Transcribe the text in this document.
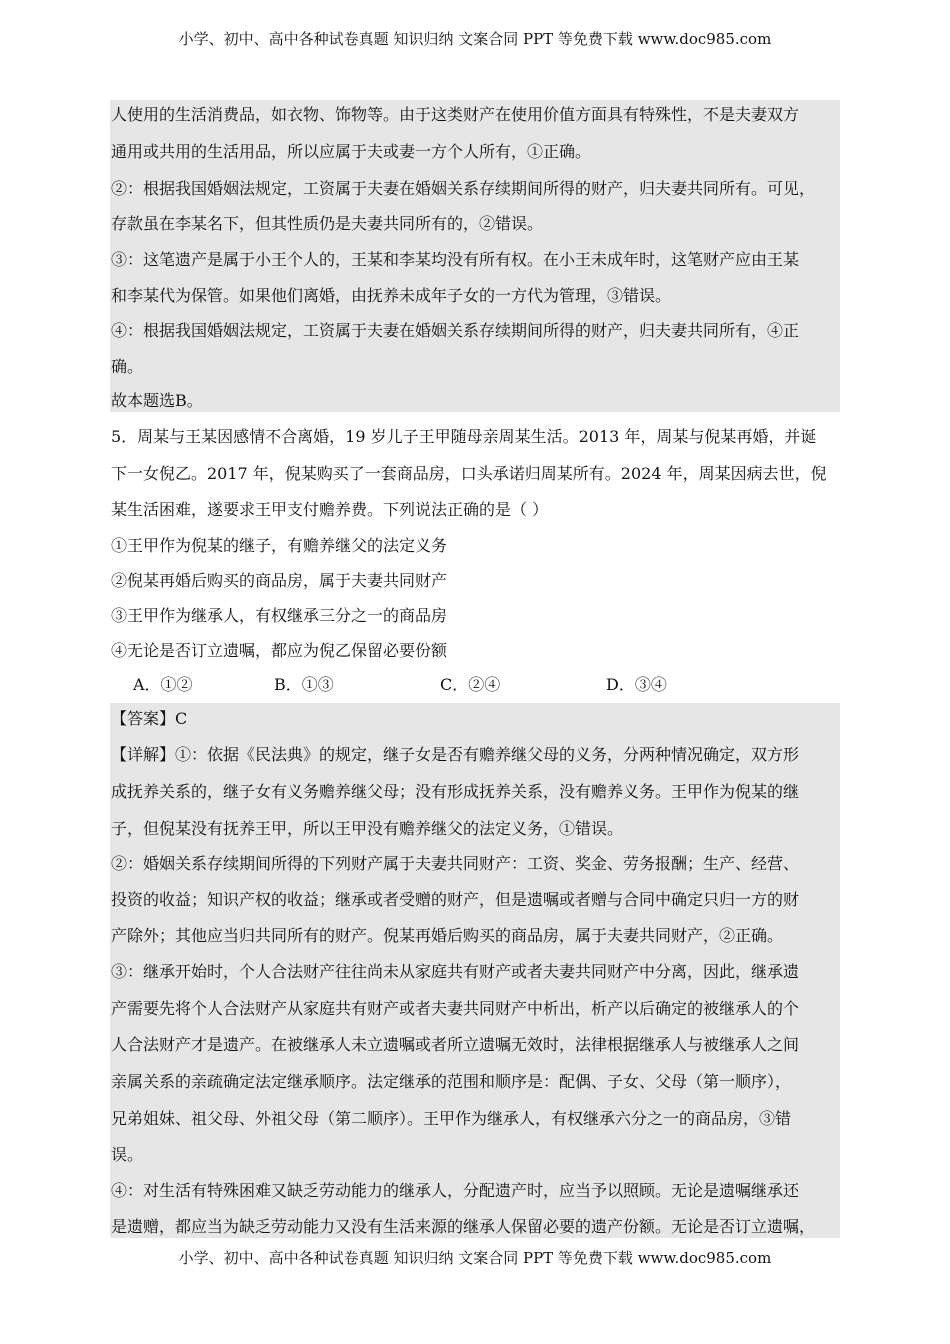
小学、初中、高中各种试卷真题 知识归纳 文案合同 PPT 等免费下载 www.doc985.com
人使用的生活消费品，如衣物、饰物等。由于这类财产在使用价值方面具有特殊性，不是夫妻双方
通用或共用的生活用品，所以应属于夫或妻一方个人所有，①正确。
②：根据我国婚姻法规定，工资属于夫妻在婚姻关系存续期间所得的财产，归夫妻共同所有。可见，
存款虽在李某名下，但其性质仍是夫妻共同所有的，②错误。
③：这笔遗产是属于小王个人的，王某和李某均没有所有权。在小王未成年时，这笔财产应由王某
和李某代为保管。如果他们离婚，由抚养未成年子女的一方代为管理，③错误。
④：根据我国婚姻法规定，工资属于夫妻在婚姻关系存续期间所得的财产，归夫妻共同所有，④正
确。
故本题选B。
5．周某与王某因感情不合离婚，19 岁儿子王甲随母亲周某生活。2013 年，周某与倪某再婚，并诞
下一女倪乙。2017 年，倪某购买了一套商品房，口头承诺归周某所有。2024 年，周某因病去世，倪
某生活困难，遂要求王甲支付赡养费。下列说法正确的是（ ）
①王甲作为倪某的继子，有赡养继父的法定义务
②倪某再婚后购买的商品房，属于夫妻共同财产
③王甲作为继承人，有权继承三分之一的商品房
④无论是否订立遗嘱，都应为倪乙保留必要份额
A．①②	B．①③	C．②④	D．③④
【答案】C
【详解】①：依据《民法典》的规定，继子女是否有赡养继父母的义务，分两种情况确定，双方形
成抚养关系的，继子女有义务赡养继父母；没有形成抚养关系，没有赡养义务。王甲作为倪某的继
子，但倪某没有抚养王甲，所以王甲没有赡养继父的法定义务，①错误。
②：婚姻关系存续期间所得的下列财产属于夫妻共同财产：工资、奖金、劳务报酬；生产、经营、
投资的收益；知识产权的收益；继承或者受赠的财产，但是遗嘱或者赠与合同中确定只归一方的财
产除外；其他应当归共同所有的财产。倪某再婚后购买的商品房，属于夫妻共同财产，②正确。
③：继承开始时，个人合法财产往往尚未从家庭共有财产或者夫妻共同财产中分离，因此，继承遗
产需要先将个人合法财产从家庭共有财产或者夫妻共同财产中析出，析产以后确定的被继承人的个
人合法财产才是遗产。在被继承人未立遗嘱或者所立遗嘱无效时，法律根据继承人与被继承人之间
亲属关系的亲疏确定法定继承顺序。法定继承的范围和顺序是：配偶、子女、父母（第一顺序），
兄弟姐妹、祖父母、外祖父母（第二顺序）。王甲作为继承人，有权继承六分之一的商品房，③错
误。
④：对生活有特殊困难又缺乏劳动能力的继承人，分配遗产时，应当予以照顾。无论是遗嘱继承还
是遗赠，都应当为缺乏劳动能力又没有生活来源的继承人保留必要的遗产份额。无论是否订立遗嘱，
小学、初中、高中各种试卷真题 知识归纳 文案合同 PPT 等免费下载 www.doc985.com
